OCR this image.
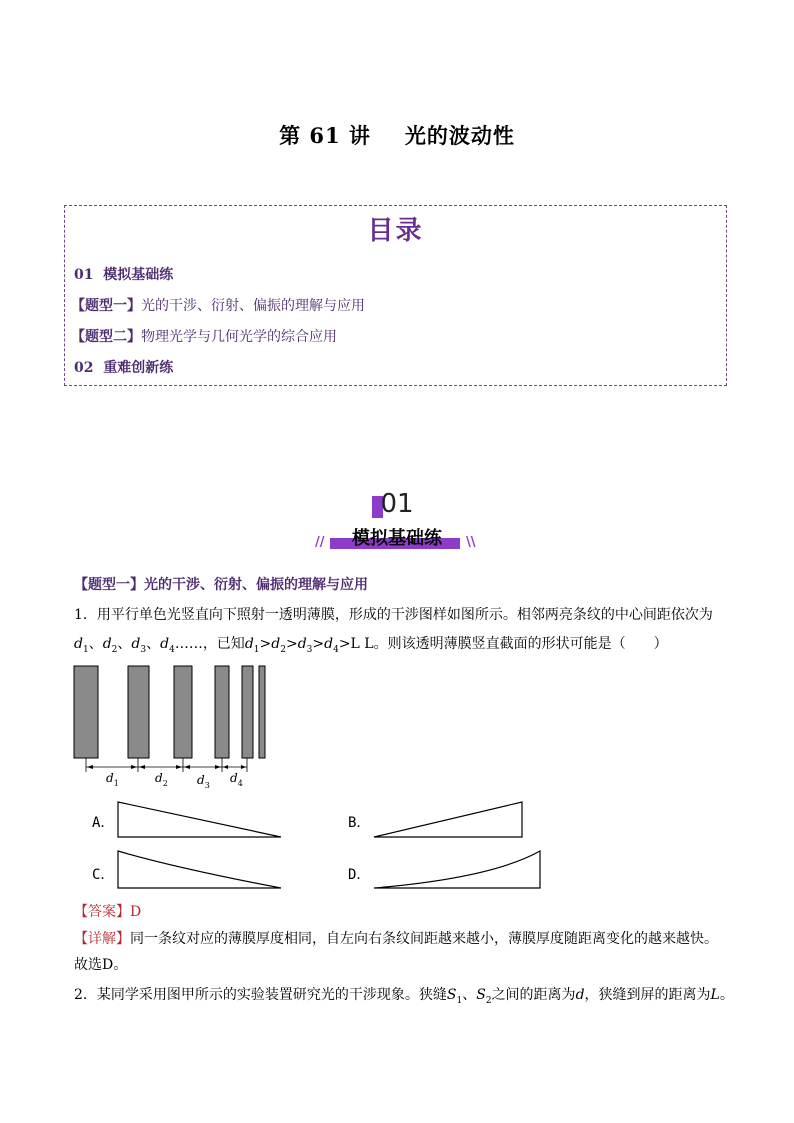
第 61 讲 光的波动性
目录
01 模拟基础练
【题型一】光的干涉、衍射、偏振的理解与应用
【题型二】物理光学与几何光学的综合应用
02 重难创新练
01
模拟基础练
//	\\
【题型一】光的干涉、衍射、偏振的理解与应用
1．用平行单色光竖直向下照射一透明薄膜，形成的干涉图样如图所示。相邻两亮条纹的中心间距依次为
$d_1$、$d_2$、$d_3$、$d_4\dots\dots$，已知$d_1>d_2>d_3>d_4>L$ L。则该透明薄膜竖直截面的形状可能是（　　）
$d_1$	$d_2$ $d_3$
$d_4$
A．	B．
C．	D．
【答案】D
【详解】同一条纹对应的薄膜厚度相同，自左向右条纹间距越来越小，薄膜厚度随距离变化的越来越快。
故选D。
2．某同学采用图甲所示的实验装置研究光的干涉现象。狭缝$S_1$、$S_2$之间的距离为d，狭缝到屏的距离为L。
